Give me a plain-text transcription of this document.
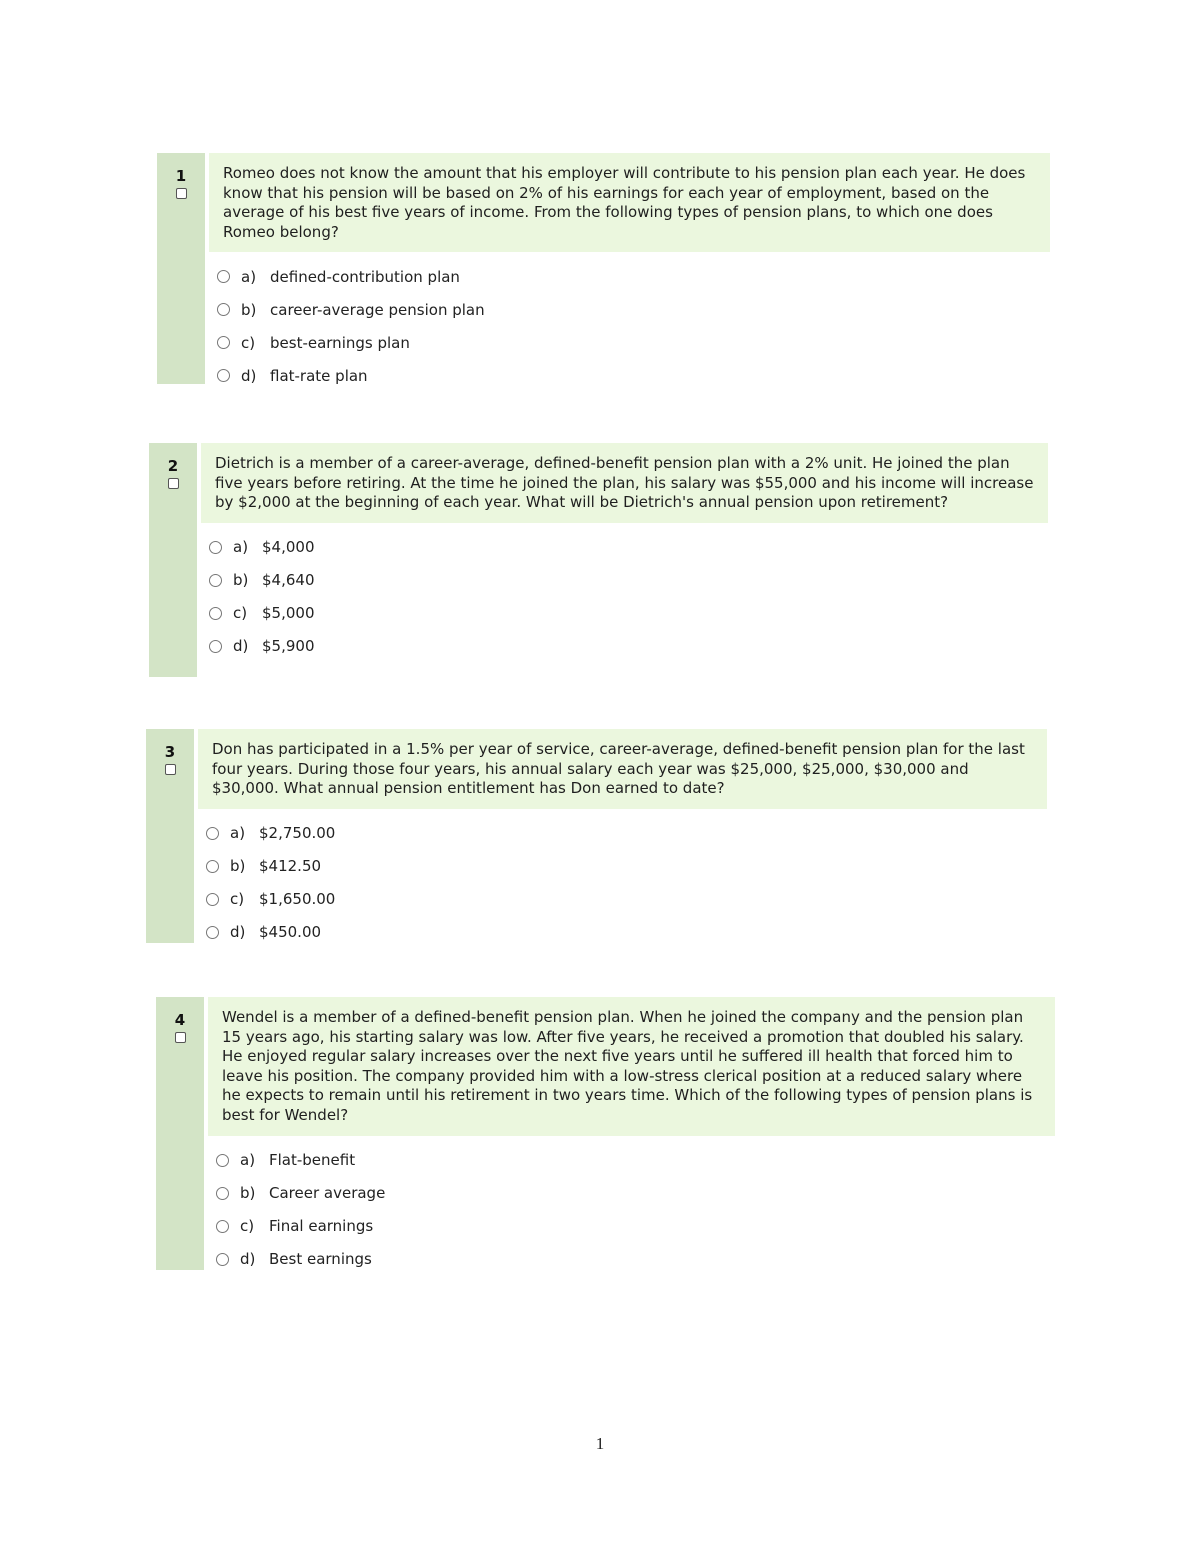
1	Romeo does not know the amount that his employer will contribute to his pension plan each year. He does know that his pension will be based on 2% of his earnings for each year of employment, based on the average of his best five years of income. From the following types of pension plans, to which one does Romeo belong?
a) defined-contribution plan
b) career-average pension plan
c) best-earnings plan
d) flat-rate plan
2	Dietrich is a member of a career-average, defined-benefit pension plan with a 2% unit. He joined the plan five years before retiring. At the time he joined the plan, his salary was $55,000 and his income will increase by $2,000 at the beginning of each year. What will be Dietrich's annual pension upon retirement?
a) $4,000
b) $4,640
c) $5,000
d) $5,900
3	Don has participated in a 1.5% per year of service, career-average, defined-benefit pension plan for the last four years. During those four years, his annual salary each year was $25,000, $25,000, $30,000 and $30,000. What annual pension entitlement has Don earned to date?
a) $2,750.00
b) $412.50
c) $1,650.00
d) $450.00
4	Wendel is a member of a defined-benefit pension plan. When he joined the company and the pension plan 15 years ago, his starting salary was low. After five years, he received a promotion that doubled his salary. He enjoyed regular salary increases over the next five years until he suffered ill health that forced him to leave his position. The company provided him with a low-stress clerical position at a reduced salary where he expects to remain until his retirement in two years time. Which of the following types of pension plans is best for Wendel?
a) Flat-benefit
b) Career average
c) Final earnings
d) Best earnings
1
